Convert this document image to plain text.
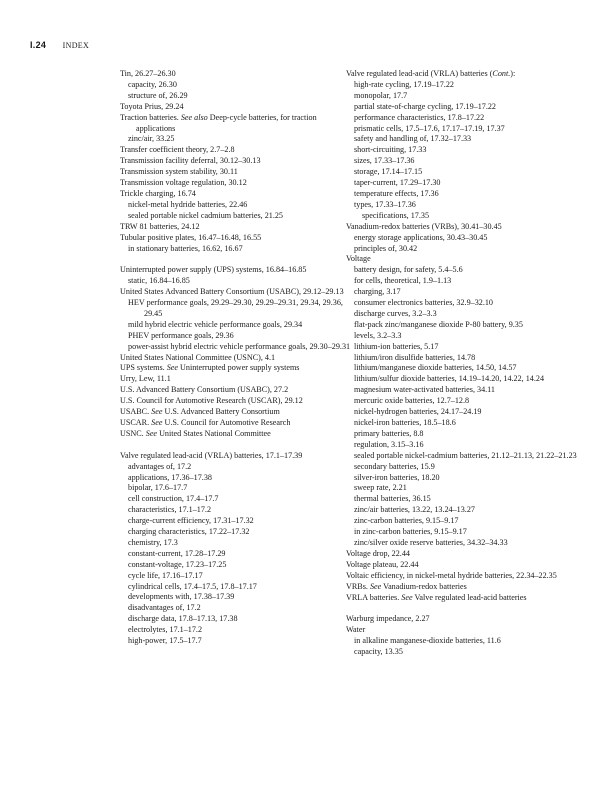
I.24 INDEX

Tin, 26.27–26.30

capacity, 26.30

structure of, 26.29

Toyota Prius, 29.24

Traction batteries. See also Deep-cycle batteries, for traction applications

zinc/air, 33.25

Transfer coefficient theory, 2.7–2.8

Transmission facility deferral, 30.12–30.13

Transmission system stability, 30.11

Transmission voltage regulation, 30.12

Trickle charging, 16.74

nickel-metal hydride batteries, 22.46

sealed portable nickel cadmium batteries, 21.25

TRW 81 batteries, 24.12

Tubular positive plates, 16.47–16.48, 16.55

in stationary batteries, 16.62, 16.67

Uninterrupted power supply (UPS) systems, 16.84–16.85

static, 16.84–16.85

United States Advanced Battery Consortium (USABC), 29.12–29.13

HEV performance goals, 29.29–29.30, 29.29–29.31, 29.34, 29.36, 29.45

mild hybrid electric vehicle performance goals, 29.34

PHEV performance goals, 29.36

power-assist hybrid electric vehicle performance goals, 29.30–29.31

United States National Committee (USNC), 4.1

UPS systems. See Uninterrupted power supply systems

Urry, Lew, 11.1

U.S. Advanced Battery Consortium (USABC), 27.2

U.S. Council for Automotive Research (USCAR), 29.12

USABC. See U.S. Advanced Battery Consortium

USCAR. See U.S. Council for Automotive Research

USNC. See United States National Committee

Valve regulated lead-acid (VRLA) batteries, 17.1–17.39

advantages of, 17.2

applications, 17.36–17.38

bipolar, 17.6–17.7

cell construction, 17.4–17.7

characteristics, 17.1–17.2

charge-current efficiency, 17.31–17.32

charging characteristics, 17.22–17.32

chemistry, 17.3

constant-current, 17.28–17.29

constant-voltage, 17.23–17.25

cycle life, 17.16–17.17

cylindrical cells, 17.4–17.5, 17.8–17.17

developments with, 17.38–17.39

disadvantages of, 17.2

discharge data, 17.8–17.13, 17.38

electrolytes, 17.1–17.2

high-power, 17.5–17.7

Valve regulated lead-acid (VRLA) batteries (Cont.):

high-rate cycling, 17.19–17.22

monopolar, 17.7

partial state-of-charge cycling, 17.19–17.22

performance characteristics, 17.8–17.22

prismatic cells, 17.5–17.6, 17.17–17.19, 17.37

safety and handling of, 17.32–17.33

short-circuiting, 17.33

sizes, 17.33–17.36

storage, 17.14–17.15

taper-current, 17.29–17.30

temperature effects, 17.36

types, 17.33–17.36

specifications, 17.35

Vanadium-redox batteries (VRBs), 30.41–30.45

energy storage applications, 30.43–30.45

principles of, 30.42

Voltage

battery design, for safety, 5.4–5.6

for cells, theoretical, 1.9–1.13

charging, 3.17

consumer electronics batteries, 32.9–32.10

discharge curves, 3.2–3.3

flat-pack zinc/manganese dioxide P-80 battery, 9.35

levels, 3.2–3.3

lithium-ion batteries, 5.17

lithium/iron disulfide batteries, 14.78

lithium/manganese dioxide batteries, 14.50, 14.57

lithium/sulfur dioxide batteries, 14.19–14.20, 14.22, 14.24

magnesium water-activated batteries, 34.11

mercuric oxide batteries, 12.7–12.8

nickel-hydrogen batteries, 24.17–24.19

nickel-iron batteries, 18.5–18.6

primary batteries, 8.8

regulation, 3.15–3.16

sealed portable nickel-cadmium batteries, 21.12–21.13, 21.22–21.23

secondary batteries, 15.9

silver-iron batteries, 18.20

sweep rate, 2.21

thermal batteries, 36.15

zinc/air batteries, 13.22, 13.24–13.27

zinc-carbon batteries, 9.15–9.17

in zinc-carbon batteries, 9.15–9.17

zinc/silver oxide reserve batteries, 34.32–34.33

Voltage drop, 22.44

Voltage plateau, 22.44

Voltaic efficiency, in nickel-metal hydride batteries, 22.34–22.35

VRBs. See Vanadium-redox batteries

VRLA batteries. See Valve regulated lead-acid batteries

Warburg impedance, 2.27

Water

in alkaline manganese-dioxide batteries, 11.6

capacity, 13.35
